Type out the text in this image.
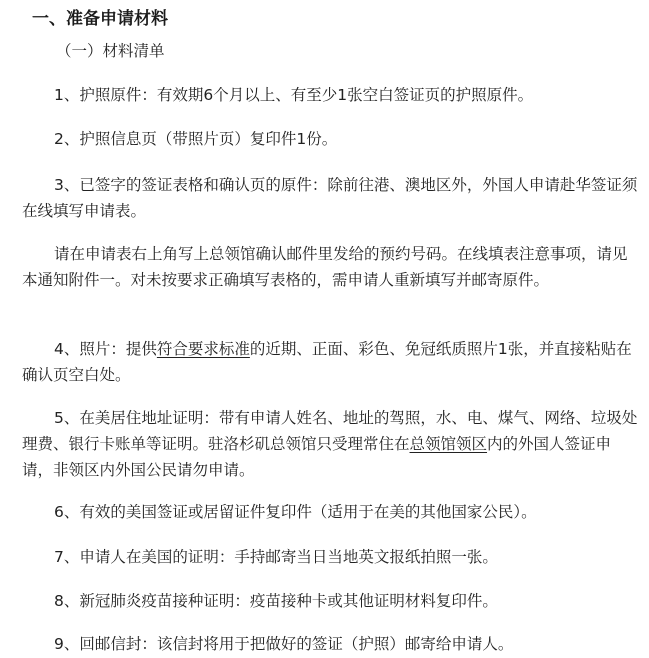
一、准备申请材料
（一）材料清单

1、护照原件：有效期6个月以上、有至少1张空白签证页的护照原件。

2、护照信息页（带照片页）复印件1份。

3、已签字的签证表格和确认页的原件：除前往港、澳地区外，外国人申请赴华签证须在线填写申请表。

请在申请表右上角写上总领馆确认邮件里发给的预约号码。在线填表注意事项，请见本通知附件一。对未按要求正确填写表格的，需申请人重新填写并邮寄原件。

4、照片：提供符合要求标准的近期、正面、彩色、免冠纸质照片1张，并直接粘贴在确认页空白处。

5、在美居住地址证明：带有申请人姓名、地址的驾照，水、电、煤气、网络、垃圾处理费、银行卡账单等证明。驻洛杉矶总领馆只受理常住在总领馆领区内的外国人签证申请，非领区内外国公民请勿申请。

6、有效的美国签证或居留证件复印件（适用于在美的其他国家公民）。

7、申请人在美国的证明：手持邮寄当日当地英文报纸拍照一张。

8、新冠肺炎疫苗接种证明：疫苗接种卡或其他证明材料复印件。

9、回邮信封：该信封将用于把做好的签证（护照）邮寄给申请人。
